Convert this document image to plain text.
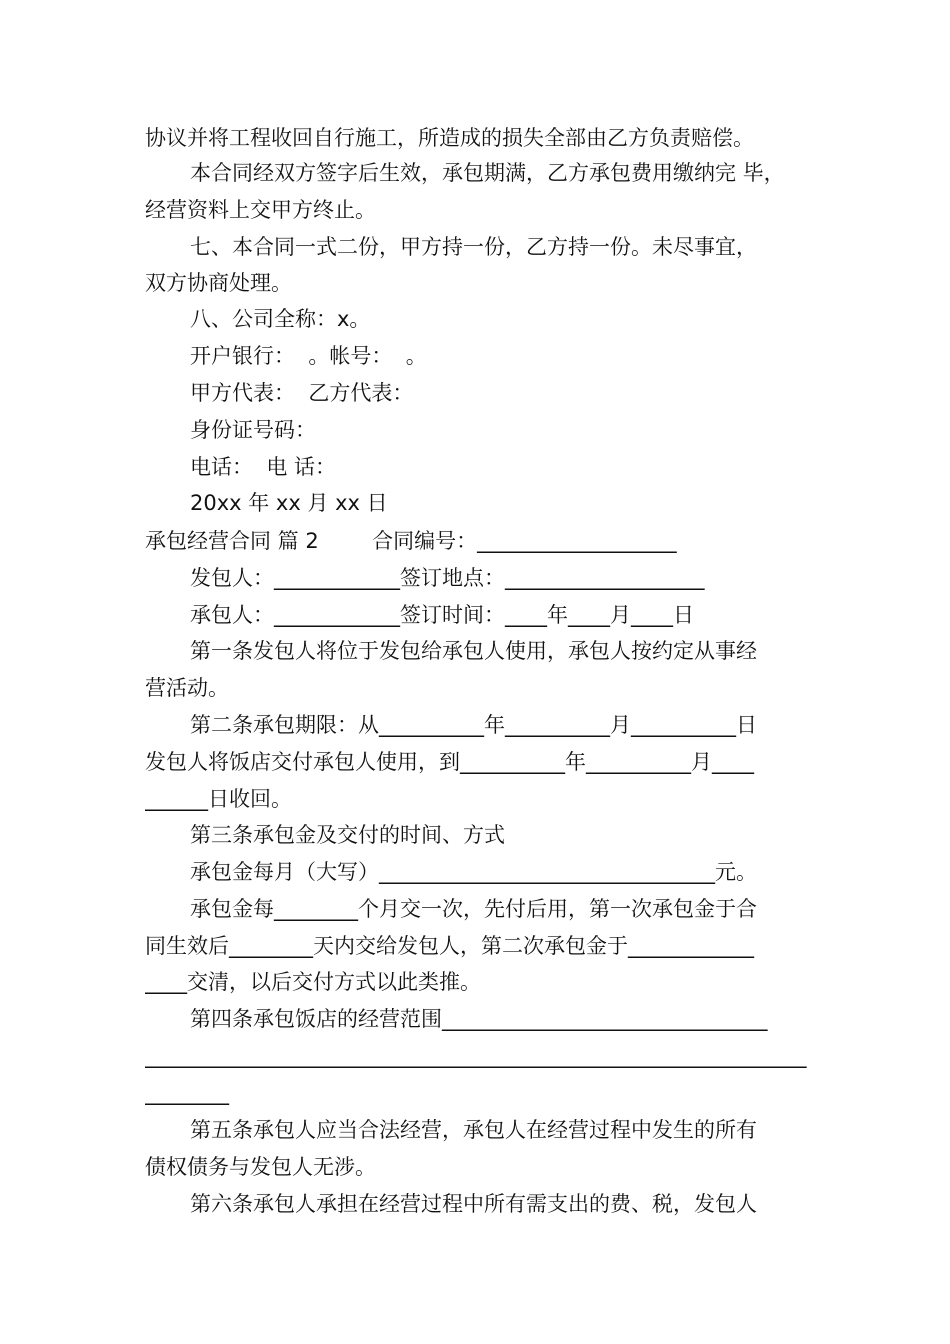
协议并将工程收回自行施工，所造成的损失全部由乙方负责赔偿。
本合同经双方签字后生效，承包期满，乙方承包费用缴纳完 毕，
经营资料上交甲方终止。
七、本合同一式二份，甲方持一份，乙方持一份。未尽事宜，
双方协商处理。
八、公司全称：x。
开户银行：  。帐号：  。
甲方代表：  乙方代表：
身份证号码：
电话：  电 话：
20xx 年 xx 月 xx 日
承包经营合同 篇 2        合同编号：___________________
发包人：____________签订地点：___________________
承包人：____________签订时间：____年____月____日
第一条发包人将位于发包给承包人使用，承包人按约定从事经
营活动。
第二条承包期限：从__________年__________月__________日
发包人将饭店交付承包人使用，到__________年__________月____
______日收回。
第三条承包金及交付的时间、方式
承包金每月（大写）________________________________元。
承包金每________个月交一次，先付后用，第一次承包金于合
同生效后________天内交给发包人，第二次承包金于____________
____交清，以后交付方式以此类推。
第四条承包饭店的经营范围_______________________________
_______________________________________________________________
________
第五条承包人应当合法经营，承包人在经营过程中发生的所有
债权债务与发包人无涉。
第六条承包人承担在经营过程中所有需支出的费、税，发包人
